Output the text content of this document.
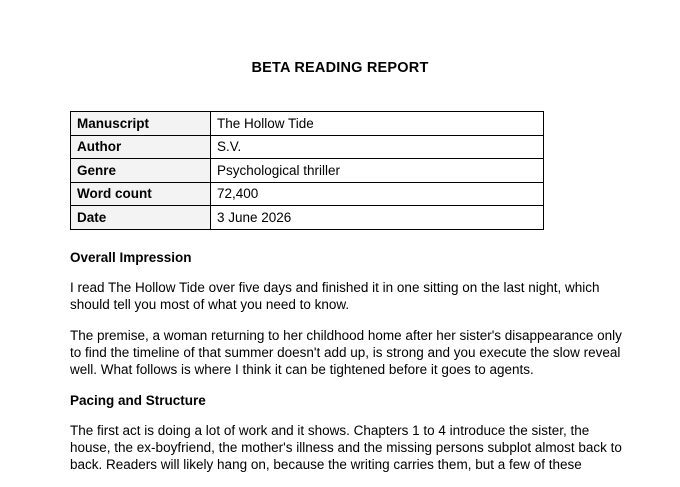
BETA READING REPORT
Manuscript	The Hollow Tide
Author	S.V.
Genre	Psychological thriller
Word count	72,400
Date	3 June 2026
Overall Impression

I read The Hollow Tide over five days and finished it in one sitting on the last night, which should tell you most of what you need to know.

The premise, a woman returning to her childhood home after her sister's disappearance only to find the timeline of that summer doesn't add up, is strong and you execute the slow reveal well. What follows is where I think it can be tightened before it goes to agents.

Pacing and Structure

The first act is doing a lot of work and it shows. Chapters 1 to 4 introduce the sister, the house, the ex-boyfriend, the mother's illness and the missing persons subplot almost back to back. Readers will likely hang on, because the writing carries them, but a few of these
